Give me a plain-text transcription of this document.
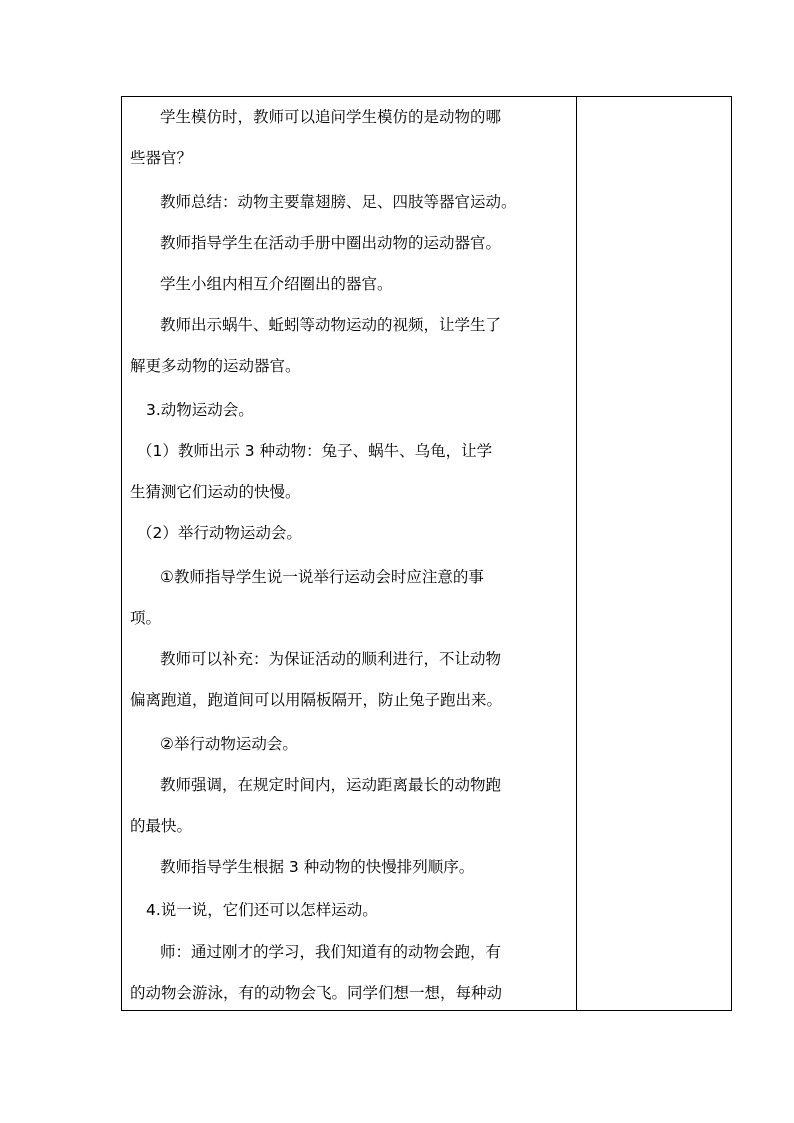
学生模仿时，教师可以追问学生模仿的是动物的哪
些器官？
教师总结：动物主要靠翅膀、足、四肢等器官运动。
教师指导学生在活动手册中圈出动物的运动器官。
学生小组内相互介绍圈出的器官。
教师出示蜗牛、蚯蚓等动物运动的视频，让学生了
解更多动物的运动器官。
3.动物运动会。
（1）教师出示 3 种动物：兔子、蜗牛、乌龟，让学
生猜测它们运动的快慢。
（2）举行动物运动会。
①教师指导学生说一说举行运动会时应注意的事
项。
教师可以补充：为保证活动的顺利进行，不让动物
偏离跑道，跑道间可以用隔板隔开，防止兔子跑出来。
②举行动物运动会。
教师强调，在规定时间内，运动距离最长的动物跑
的最快。
教师指导学生根据 3 种动物的快慢排列顺序。
4.说一说，它们还可以怎样运动。
师：通过刚才的学习，我们知道有的动物会跑，有
的动物会游泳，有的动物会飞。同学们想一想，每种动
